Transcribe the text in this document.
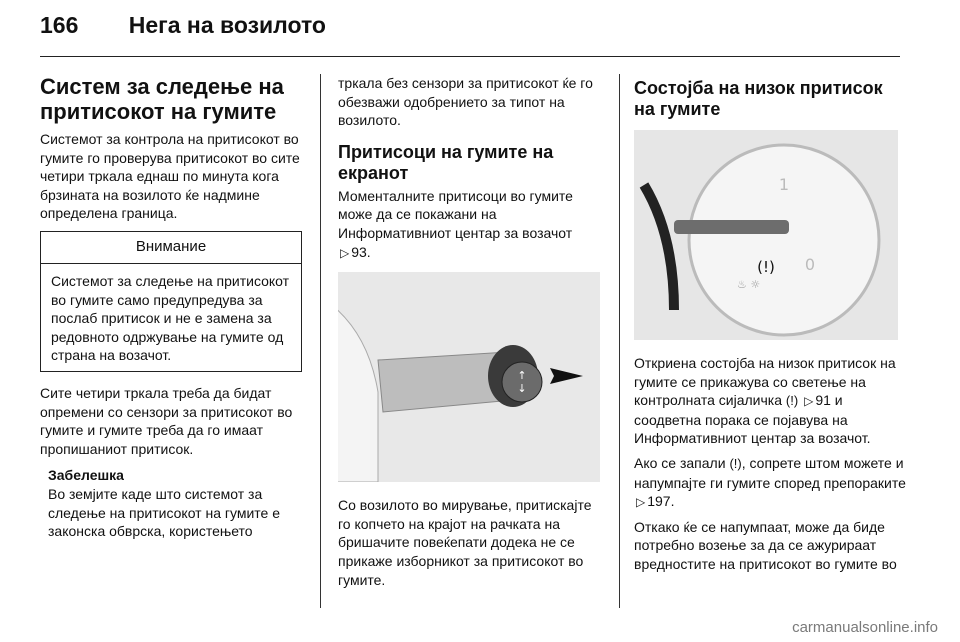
166 Нега на возилото
Систем за следење на притисокот на гумите

Системот за контрола на притисокот во гумите го проверува притисокот во сите четири тркала еднаш по минута кога брзината на возилото ќе надмине определена граница.

Внимание

Системот за следење на притисокот во гумите само предупредува за послаб притисок и не е замена за редовното одржување на гумите од страна на возачот.

Сите четири тркала треба да бидат опремени со сензори за притисокот во гумите и гумите треба да го имаат пропишаниот притисок.

Забелешка

Во земјите каде што системот за следење на притисокот на гумите е законска обврска, користењето

тркала без сензори за притисокот ќе го обезважи одобрението за типот на возилото.

Притисоци на гумите на екранот

Моменталните притисоци во гумите може да се покажани на Информативниот центар за возачот ▷ 93.

↑
↓

Со возилото во мирување, притискајте го копчето на крајот на рачката на бришачите повеќепати додека не се прикаже изборникот за притисокот во гумите.

Состојба на низок притисок на гумите
1
0
(!)
♨ ☼

Откриена состојба на низок притисок на гумите се прикажува со светење на контролната сијаличка (!) ▷ 91 и соодветна порака се појавува на Информативниот центар за возачот.

Ако се запали (!), сопрете штом можете и напумпајте ги гумите според препораките ▷ 197.

Откако ќе се напумпаат, може да биде потребно возење за да се ажурираат вредностите на притисокот во гумите во

carmanualsonline.info
